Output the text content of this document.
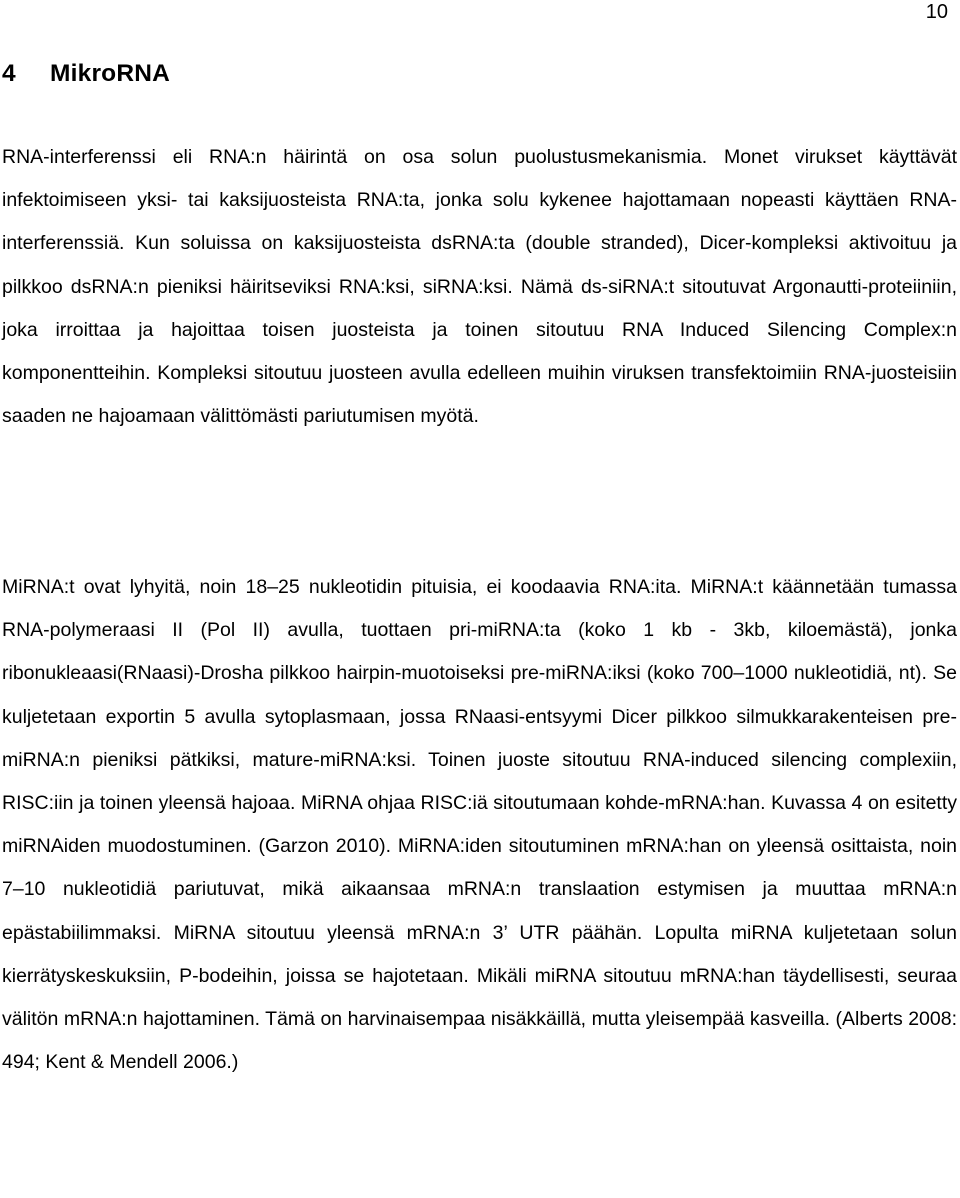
10
4 MikroRNA

RNA-interferenssi eli RNA:n häirintä on osa solun puolustusmekanismia. Monet virukset käyttävät infektoimiseen yksi- tai kaksijuosteista RNA:ta, jonka solu kykenee hajottamaan nopeasti käyttäen RNA-interferenssiä. Kun soluissa on kaksijuosteista dsRNA:ta (double stranded), Dicer-kompleksi aktivoituu ja pilkkoo dsRNA:n pieniksi häiritseviksi RNA:ksi, siRNA:ksi. Nämä ds-siRNA:t sitoutuvat Argonautti-proteiiniin, joka irroittaa ja hajoittaa toisen juosteista ja toinen sitoutuu RNA Induced Silencing Complex:n komponentteihin. Kompleksi sitoutuu juosteen avulla edelleen muihin viruksen transfektoimiin RNA-juosteisiin saaden ne hajoamaan välittömästi pariutumisen myötä.

MiRNA:t ovat lyhyitä, noin 18–25 nukleotidin pituisia, ei koodaavia RNA:ita. MiRNA:t käännetään tumassa RNA-polymeraasi II (Pol II) avulla, tuottaen pri-miRNA:ta (koko 1 kb - 3kb, kiloemästä), jonka ribonukleaasi(RNaasi)-Drosha pilkkoo hairpin-muotoiseksi pre-miRNA:iksi (koko 700–1000 nukleotidiä, nt). Se kuljetetaan exportin 5 avulla sytoplasmaan, jossa RNaasi-entsyymi Dicer pilkkoo silmukkarakenteisen pre-miRNA:n pieniksi pätkiksi, mature-miRNA:ksi. Toinen juoste sitoutuu RNA-induced silencing complexiin, RISC:iin ja toinen yleensä hajoaa. MiRNA ohjaa RISC:iä sitoutumaan kohde-mRNA:han. Kuvassa 4 on esitetty miRNAiden muodostuminen. (Garzon 2010). MiRNA:iden sitoutuminen mRNA:han on yleensä osittaista, noin 7–10 nukleotidiä pariutuvat, mikä aikaansaa mRNA:n translaation estymisen ja muuttaa mRNA:n epästabiilimmaksi. MiRNA sitoutuu yleensä mRNA:n 3’ UTR päähän. Lopulta miRNA kuljetetaan solun kierrätyskeskuksiin, P-bodeihin, joissa se hajotetaan. Mikäli miRNA sitoutuu mRNA:han täydellisesti, seuraa välitön mRNA:n hajottaminen. Tämä on harvinaisempaa nisäkkäillä, mutta yleisempää kasveilla. (Alberts 2008: 494; Kent & Mendell 2006.)
